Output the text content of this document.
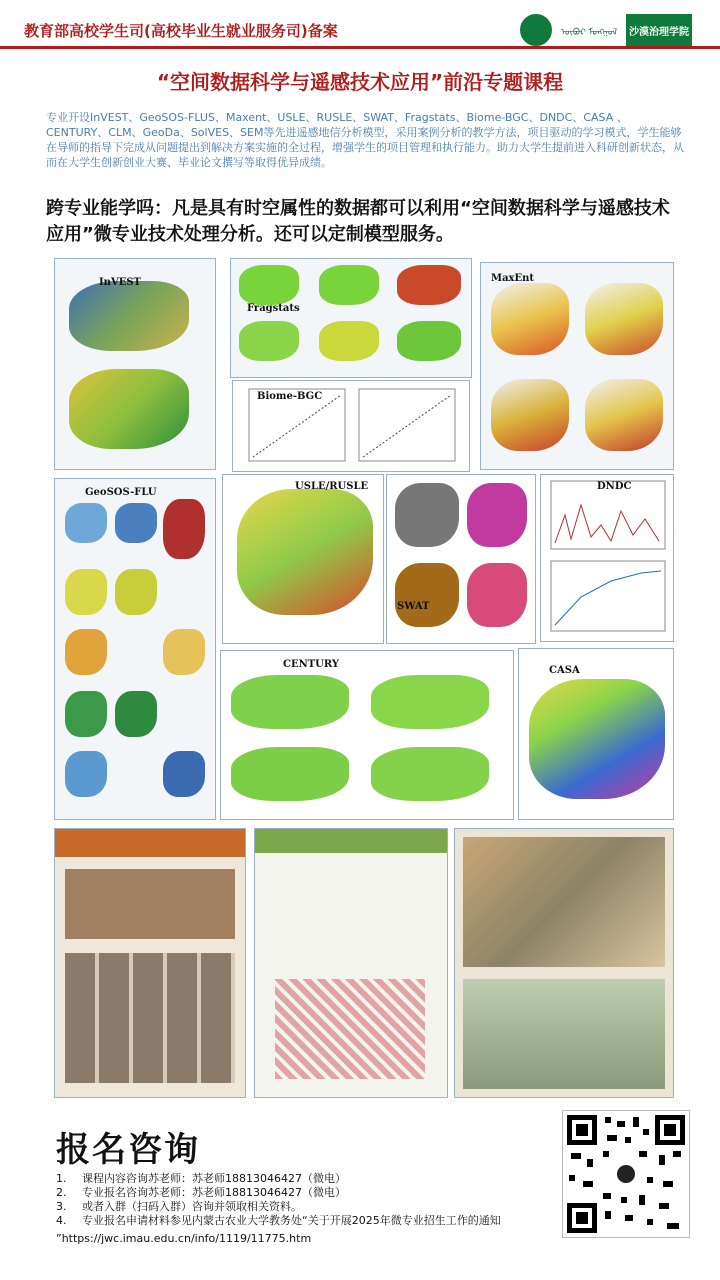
教育部高校学生司(高校毕业生就业服务司)备案	ᠥᠪᠥᠷ ᠮᠣᠩᠭᠣᠯ	沙漠治理学院
“空间数据科学与遥感技术应用”前沿专题课程
专业开设InVEST、GeoSOS-FLUS、Maxent、USLE、RUSLE、SWAT、Fragstats、Biome-BGC、DNDC、CASA 、CENTURY、CLM、GeoDa、SolVES、SEM等先进遥感地信分析模型，采用案例分析的教学方法，项目驱动的学习模式，学生能够在导师的指导下完成从问题提出到解决方案实施的全过程，增强学生的项目管理和执行能力。助力大学生提前进入科研创新状态，从而在大学生创新创业大赛、毕业论文撰写等取得优异成绩。
跨专业能学吗：凡是具有时空属性的数据都可以利用“空间数据科学与遥感技术应用”微专业技术处理分析。还可以定制模型服务。
InVEST
Fragstats
MaxEnt
Biome-BGC
GeoSOS-FLU
USLE/RUSLE
SWAT
DNDC
CENTURY
CASA
报名咨询
1.	课程内容咨询苏老师：苏老师18813046427（微电）
2.	专业报名咨询苏老师：苏老师18813046427（微电）
3.	或者入群（扫码入群）咨询并领取相关资料。
4.	专业报名申请材料参见内蒙古农业大学教务处“关于开展2025年微专业招生工作的通知
”https://jwc.imau.edu.cn/info/1119/11775.htm
